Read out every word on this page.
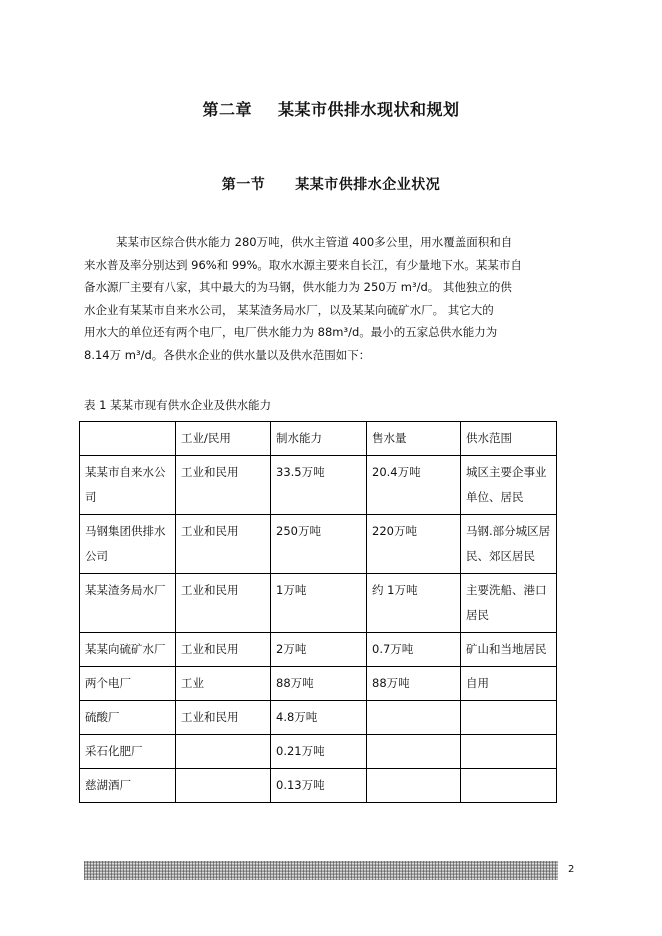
第二章 某某市供排水现状和规划
第一节 某某市供排水企业状况
某某市区综合供水能力 280万吨，供水主管道 400多公里，用水覆盖面积和自
来水普及率分别达到 96%和 99%。取水水源主要来自长江，有少量地下水。某某市自
备水源厂主要有八家，其中最大的为马钢，供水能力为 250万 m³/d。 其他独立的供
水企业有某某市自来水公司， 某某渣务局水厂，以及某某向硫矿水厂。 其它大的
用水大的单位还有两个电厂，电厂供水能力为 88m³/d。最小的五家总供水能力为
8.14万 m³/d。各供水企业的供水量以及供水范围如下：
表 1 某某市现有供水企业及供水能力
	工业/民用	制水能力	售水量	供水范围
某某市自来水公司	工业和民用	33.5万吨	20.4万吨	城区主要企事业单位、居民
马钢集团供排水公司	工业和民用	250万吨	220万吨	马钢.部分城区居民、郊区居民
某某渣务局水厂	工业和民用	1万吨	约 1万吨	主要洗船、港口居民
某某向硫矿水厂	工业和民用	2万吨	0.7万吨	矿山和当地居民
两个电厂	工业	88万吨	88万吨	自用
硫酸厂	工业和民用	4.8万吨		
采石化肥厂		0.21万吨		
慈湖酒厂		0.13万吨		
2
